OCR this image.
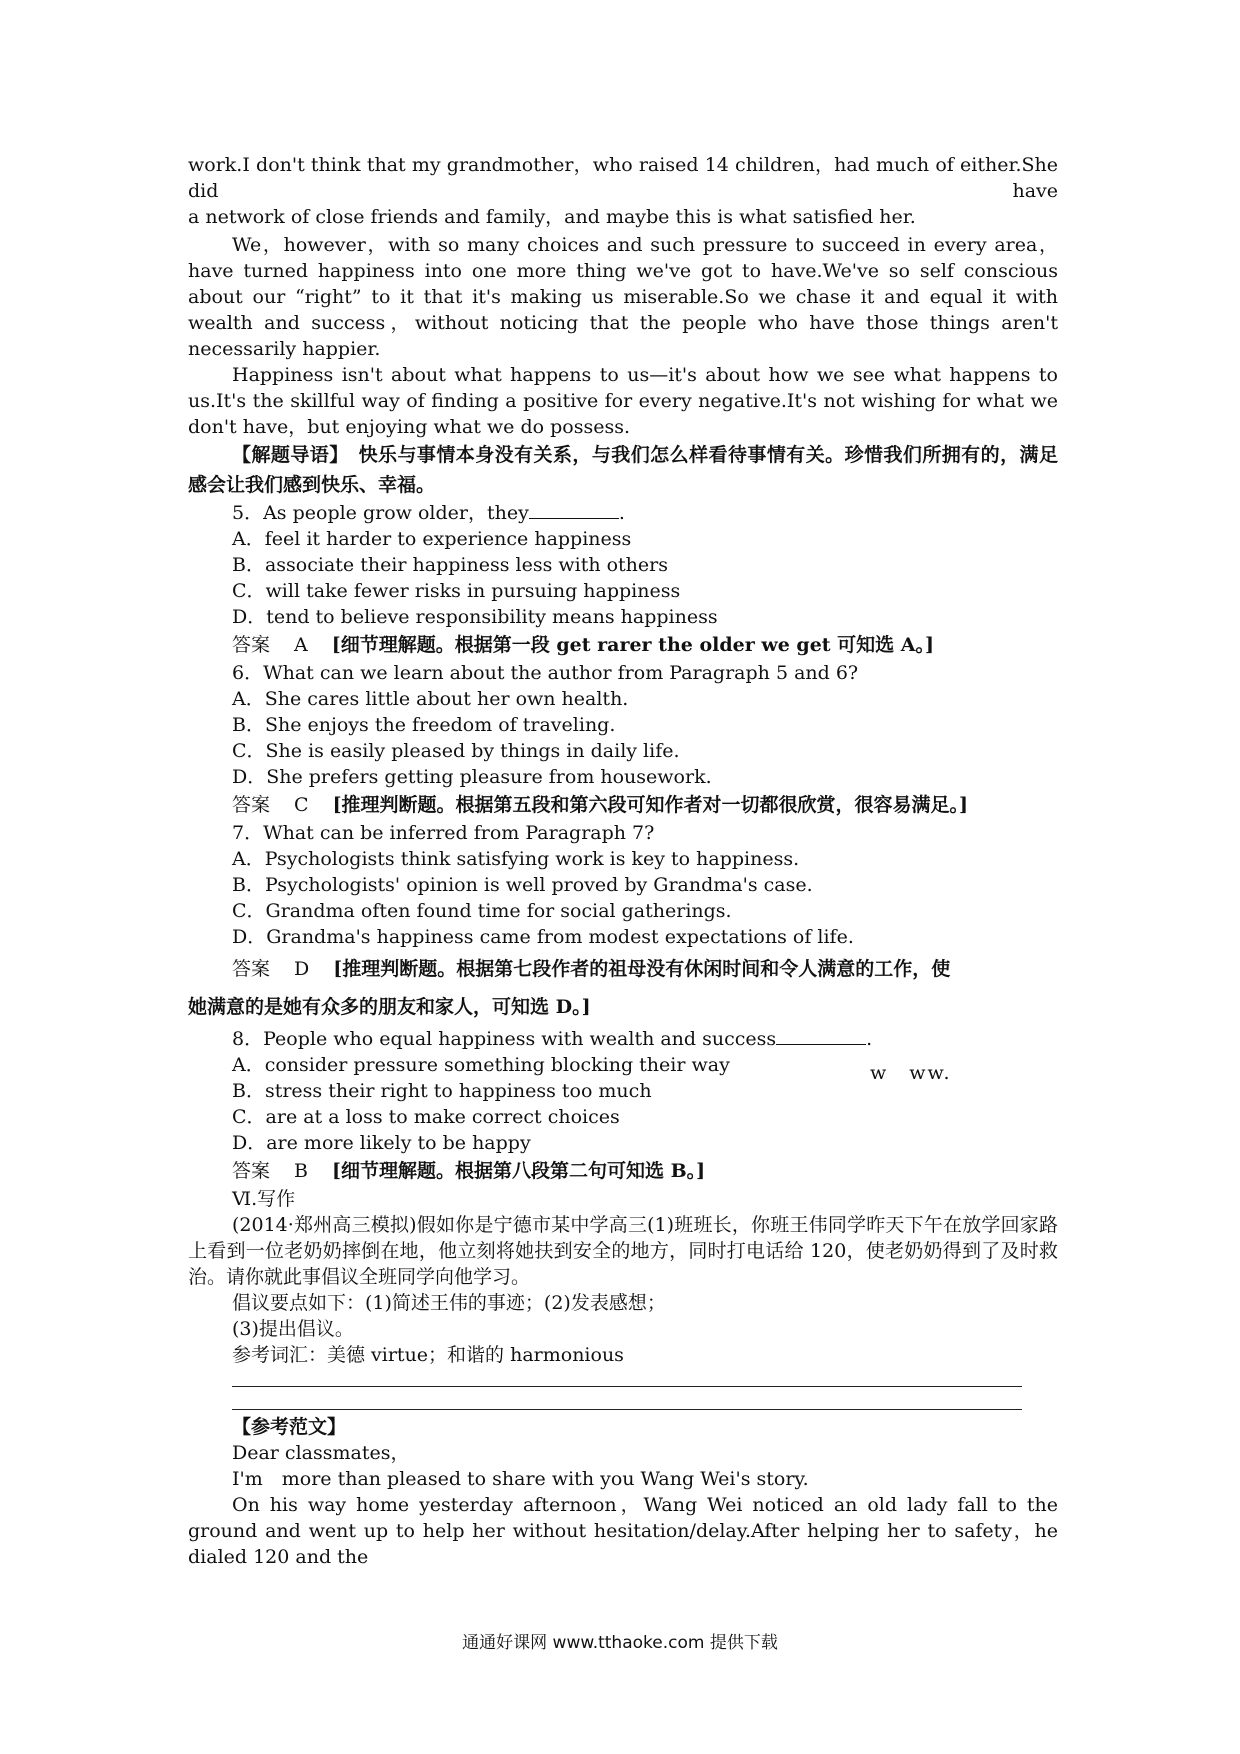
work.I don't think that my grandmother，who raised 14 children，had much of either.She did have

a network of close friends and family，and maybe this is what satisfied her.

We，however，with so many choices and such pressure to succeed in every area，have turned happiness into one more thing we've got to have.We've so self conscious about our “right” to it that it's making us miserable.So we chase it and equal it with wealth and success，without noticing that the people who have those things aren't necessarily happier.

Happiness isn't about what happens to us—it's about how we see what happens to us.It's the skillful way of finding a positive for every negative.It's not wishing for what we don't have，but enjoying what we do possess.

【解题导语】　快乐与事情本身没有关系，与我们怎么样看待事情有关。珍惜我们所拥有的，满足感会让我们感到快乐、幸福。

5．As people grow older，they	.

A．feel it harder to experience happiness

B．associate their happiness less with others

C．will take fewer risks in pursuing happiness

D．tend to believe responsibility means happiness

答案 A [细节理解题。根据第一段 get rarer the older we get 可知选 A。]

6．What can we learn about the author from Paragraph 5 and 6?

A．She cares little about her own health.

B．She enjoys the freedom of traveling.

C．She is easily pleased by things in daily life.

D．She prefers getting pleasure from housework.

答案 C [推理判断题。根据第五段和第六段可知作者对一切都很欣赏，很容易满足。]

7．What can be inferred from Paragraph 7?

A．Psychologists think satisfying work is key to happiness.

B．Psychologists' opinion is well proved by Grandma's case.

C．Grandma often found time for social gatherings.

D．Grandma's happiness came from modest expectations of life.

答案 D [推理判断题。根据第七段作者的祖母没有休闲时间和令人满意的工作，使

她满意的是她有众多的朋友和家人，可知选 D。]

8．People who equal happiness with wealth and success	.

A．consider pressure something blocking their way

B．stress their right to happiness too much

C．are at a loss to make correct choices

D．are more likely to be happy

答案 B [细节理解题。根据第八段第二句可知选 B。]

Ⅵ.写作

(2014·郑州高三模拟)假如你是宁德市某中学高三(1)班班长，你班王伟同学昨天下午在放学回家路上看到一位老奶奶摔倒在地，他立刻将她扶到安全的地方，同时打电话给 120，使老奶奶得到了及时救治。请你就此事倡议全班同学向他学习。

倡议要点如下：(1)简述王伟的事迹；(2)发表感想；

(3)提出倡议。

参考词汇：美德 virtue；和谐的 harmonious

【参考范文】

Dear classmates，

I'm　more than pleased to share with you Wang Wei's story.

On his way home yesterday afternoon，Wang Wei noticed an old lady fall to the ground and went up to help her without hesitation/delay.After helping her to safety，he dialed 120 and the

w　ww.
通通好课网 www.tthaoke.com 提供下载
